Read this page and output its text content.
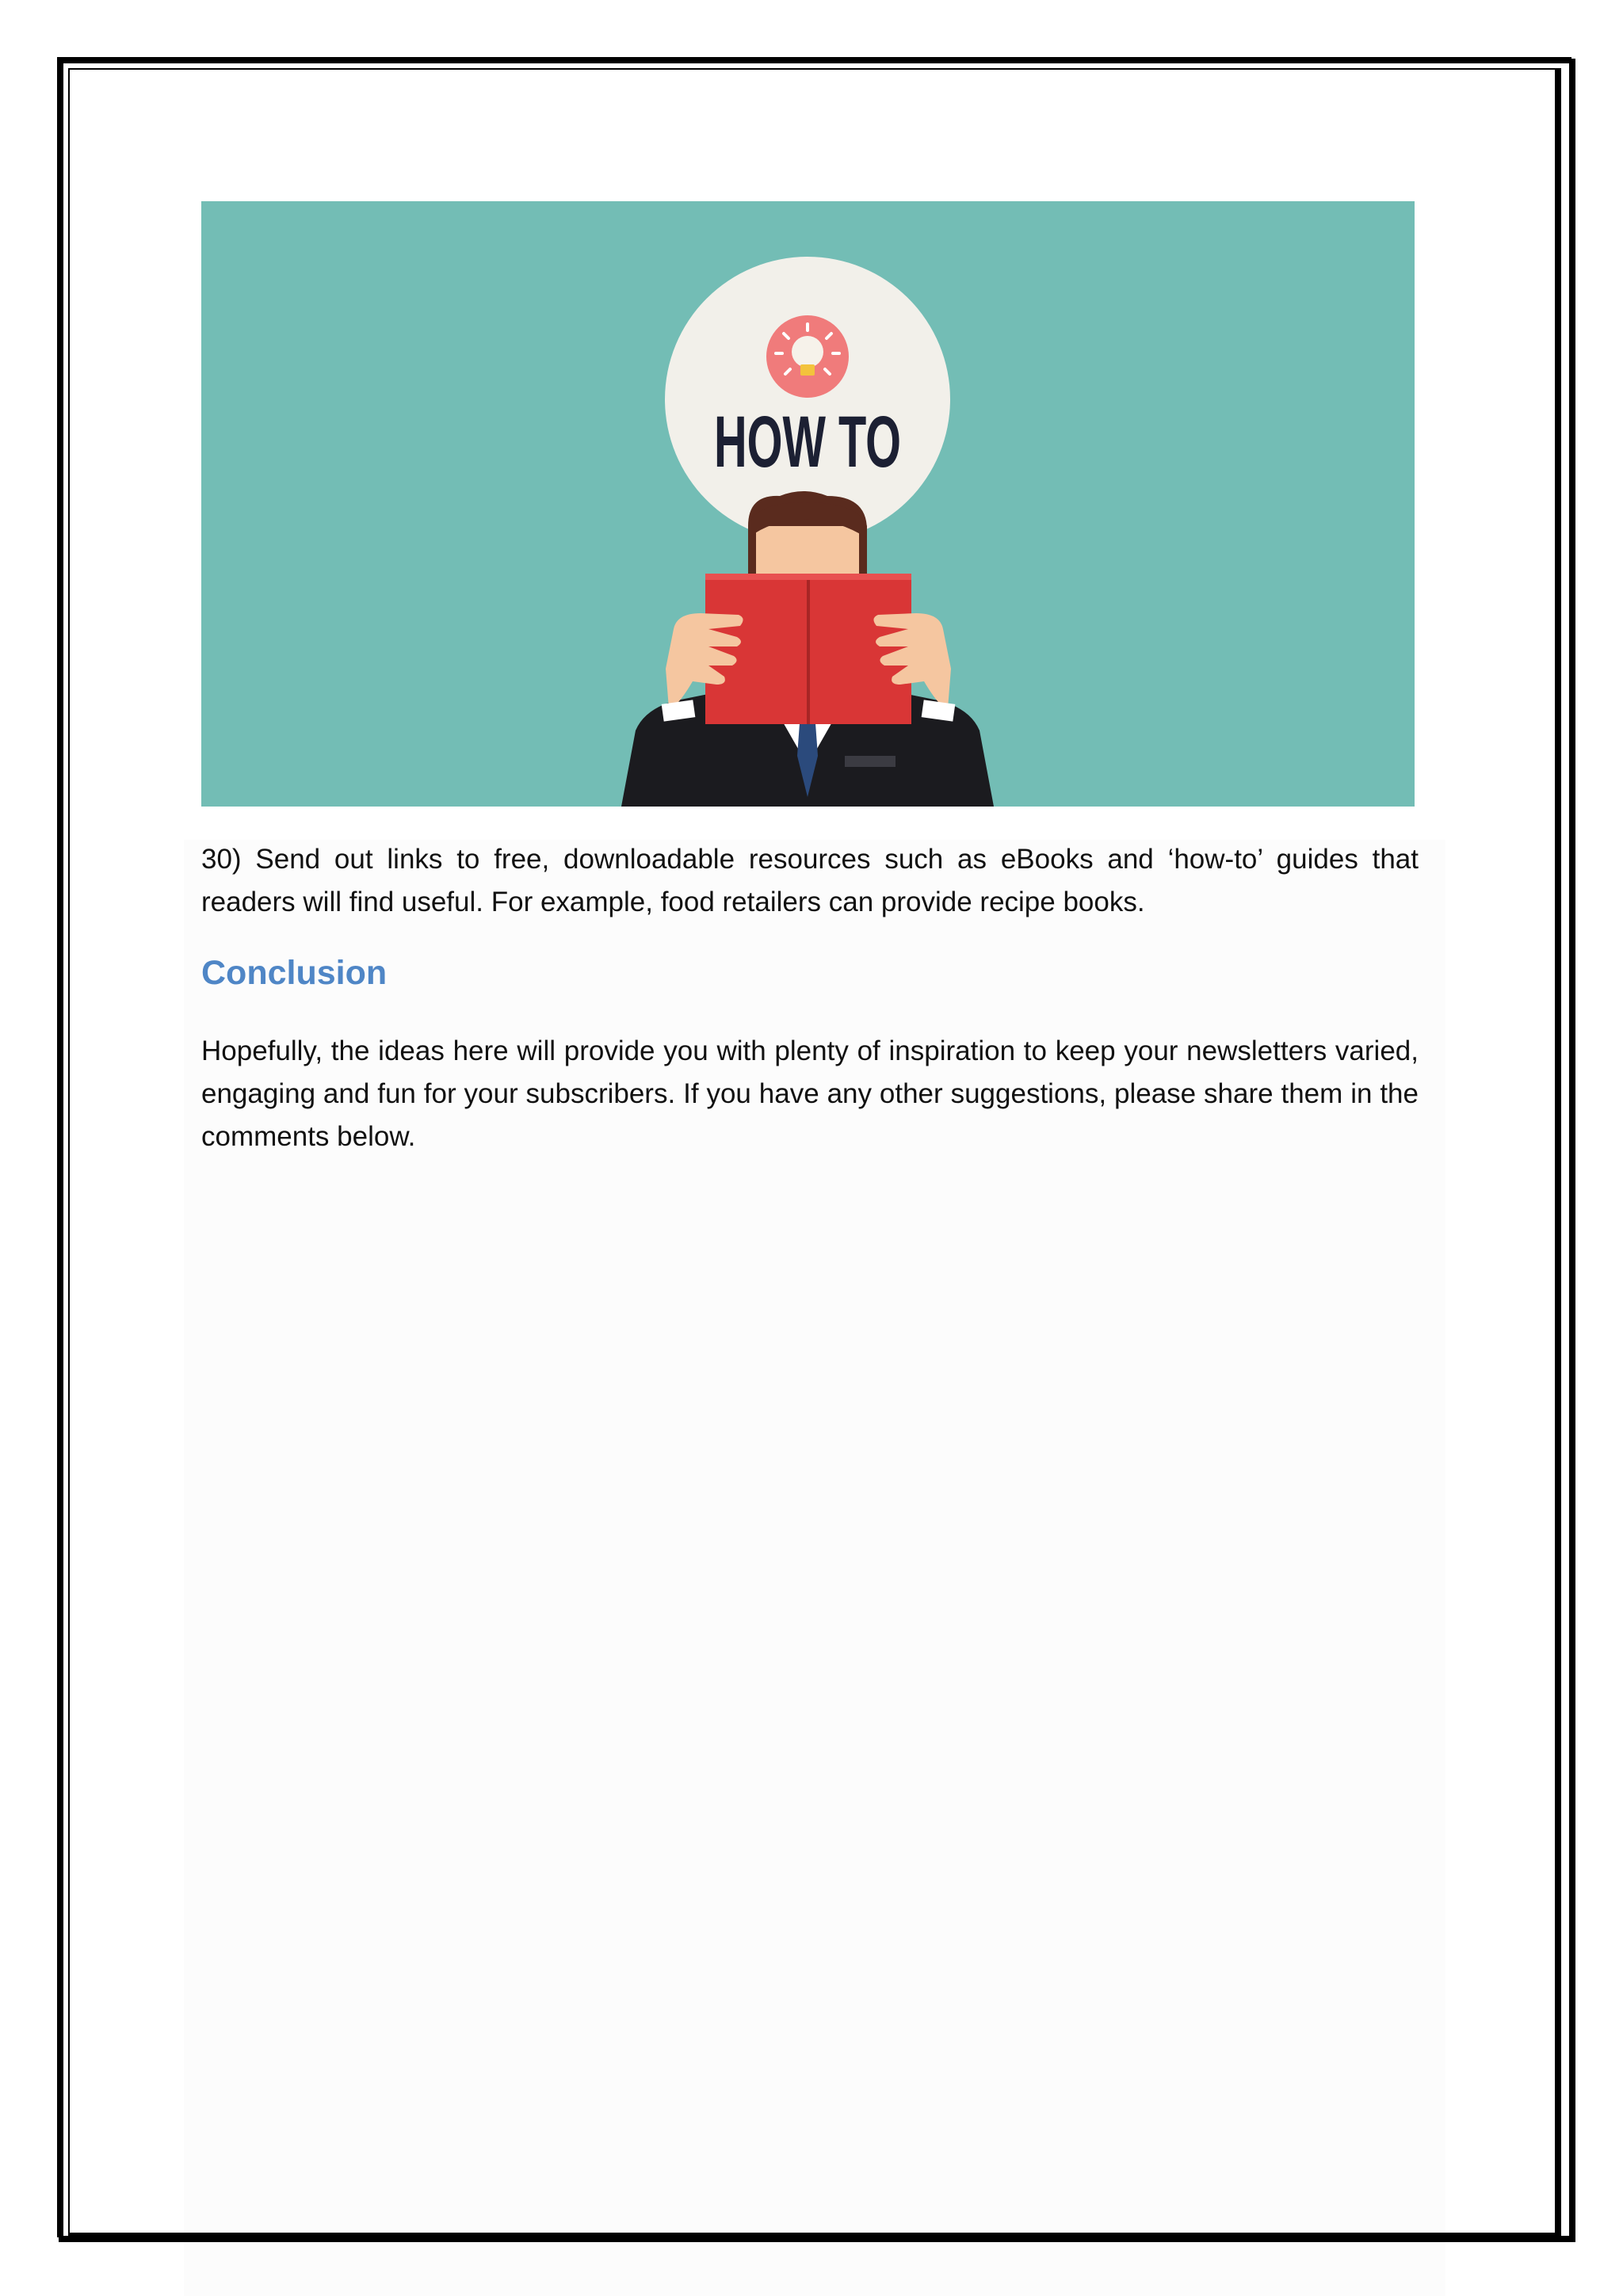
HOW TO

30) Send out links to free, downloadable resources such as eBooks and ‘how-to’ guides that readers will find useful. For example, food retailers can provide recipe books.

Conclusion

Hopefully, the ideas here will provide you with plenty of inspiration to keep your newsletters varied, engaging and fun for your subscribers. If you have any other suggestions, please share them in the comments below.
